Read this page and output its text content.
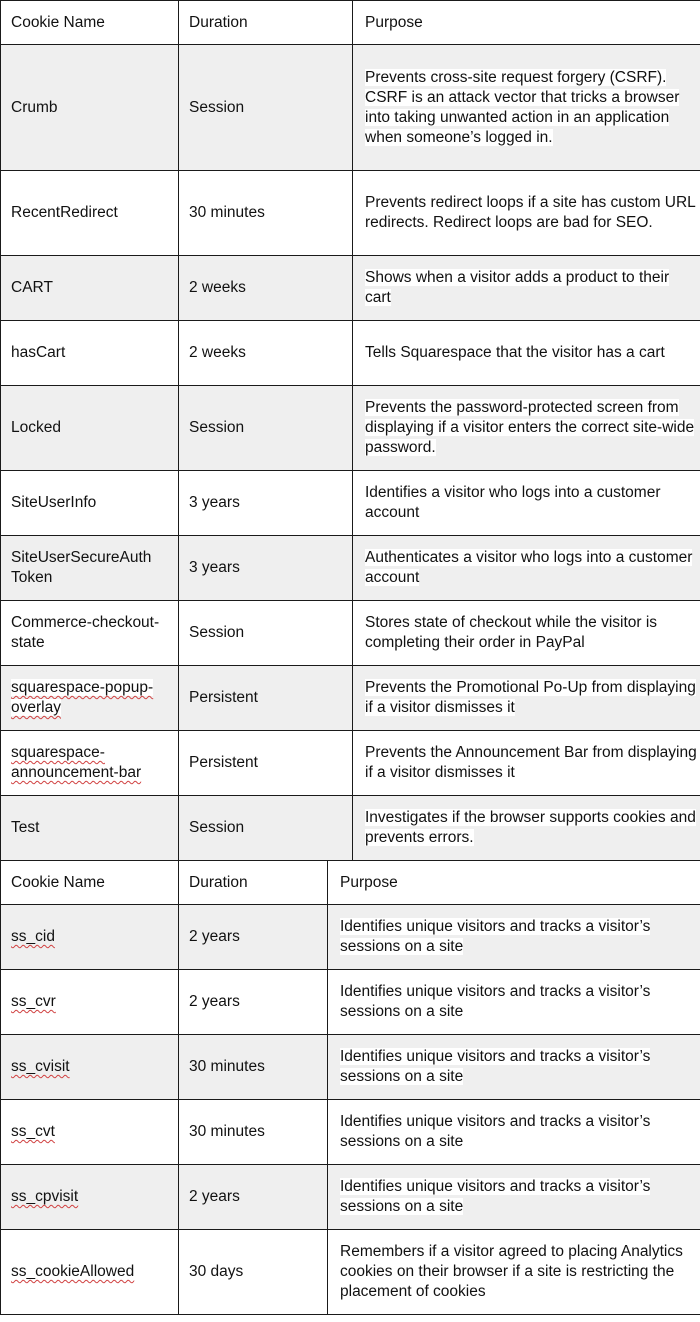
Cookie Name	Duration	Purpose
Crumb	Session	Prevents cross-site request forgery (CSRF). CSRF is an attack vector that tricks a browser into taking unwanted action in an application when someone’s logged in.
RecentRedirect	30 minutes	Prevents redirect loops if a site has custom URL redirects. Redirect loops are bad for SEO.
CART	2 weeks	Shows when a visitor adds a product to their cart
hasCart	2 weeks	Tells Squarespace that the visitor has a cart
Locked	Session	Prevents the password-protected screen from displaying if a visitor enters the correct site-wide password.
SiteUserInfo	3 years	Identifies a visitor who logs into a customer account
SiteUserSecureAuth Token	3 years	Authenticates a visitor who logs into a customer account
Commerce-checkout-state	Session	Stores state of checkout while the visitor is completing their order in PayPal
squarespace-popup-overlay	Persistent	Prevents the Promotional Po-Up from displaying if a visitor dismisses it
squarespace-announcement-bar	Persistent	Prevents the Announcement Bar from displaying if a visitor dismisses it
Test	Session	Investigates if the browser supports cookies and prevents errors.
Cookie Name	Duration	Purpose
ss_cid	2 years	Identifies unique visitors and tracks a visitor’s sessions on a site
ss_cvr	2 years	Identifies unique visitors and tracks a visitor’s sessions on a site
ss_cvisit	30 minutes	Identifies unique visitors and tracks a visitor’s sessions on a site
ss_cvt	30 minutes	Identifies unique visitors and tracks a visitor’s sessions on a site
ss_cpvisit	2 years	Identifies unique visitors and tracks a visitor’s sessions on a site
ss_cookieAllowed	30 days	Remembers if a visitor agreed to placing Analytics cookies on their browser if a site is restricting the placement of cookies
